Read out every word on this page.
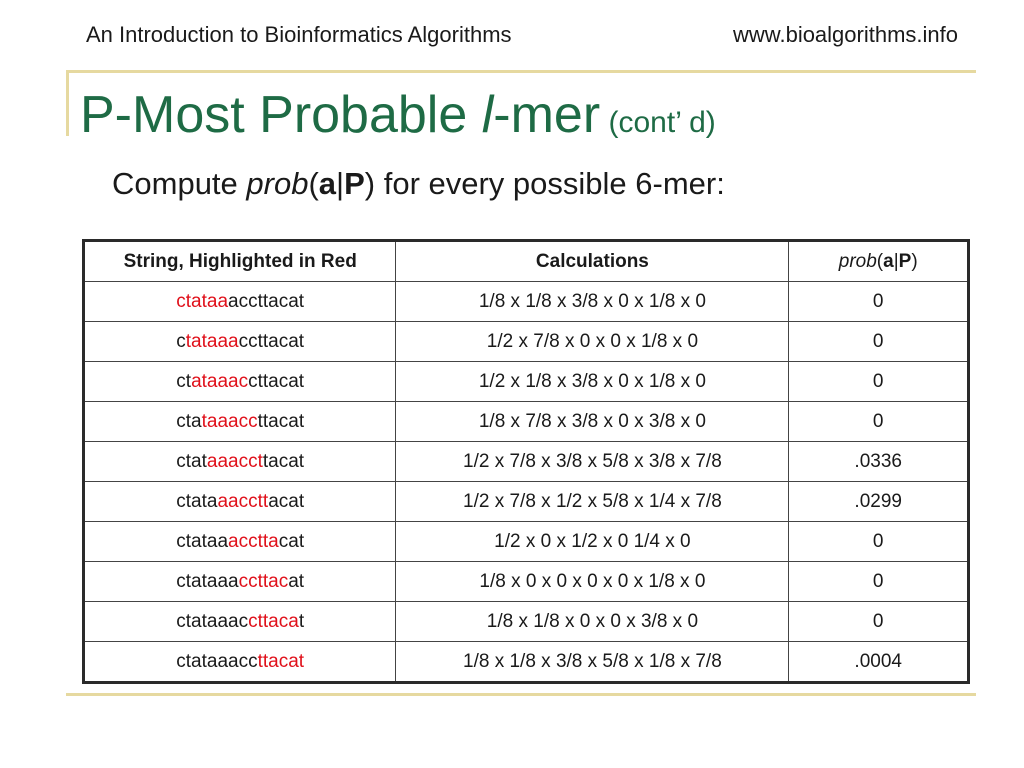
An Introduction to Bioinformatics Algorithms	www.bioalgorithms.info
P-Most Probable l-mer (cont’ d)
Compute prob(a|P) for every possible 6-mer:
String, Highlighted in Red	Calculations	prob(a|P)
ctataaaccttacat	1/8 x 1/8 x 3/8 x 0 x 1/8 x 0	0
ctataaaccttacat	1/2 x 7/8 x 0 x 0 x 1/8 x 0	0
ctataaaccttacat	1/2 x 1/8 x 3/8 x 0 x 1/8 x 0	0
ctataaaccttacat	1/8 x 7/8 x 3/8 x 0 x 3/8 x 0	0
ctataaaccttacat	1/2 x 7/8 x 3/8 x 5/8 x 3/8 x 7/8	.0336
ctataaaccttacat	1/2 x 7/8 x 1/2 x 5/8 x 1/4 x 7/8	.0299
ctataaaccttacat	1/2 x 0 x 1/2 x 0 1/4 x 0	0
ctataaaccttacat	1/8 x 0 x 0 x 0 x 0 x 1/8 x 0	0
ctataaaccttacat	1/8 x 1/8 x 0 x 0 x 3/8 x 0	0
ctataaaccttacat	1/8 x 1/8 x 3/8 x 5/8 x 1/8 x 7/8	.0004
